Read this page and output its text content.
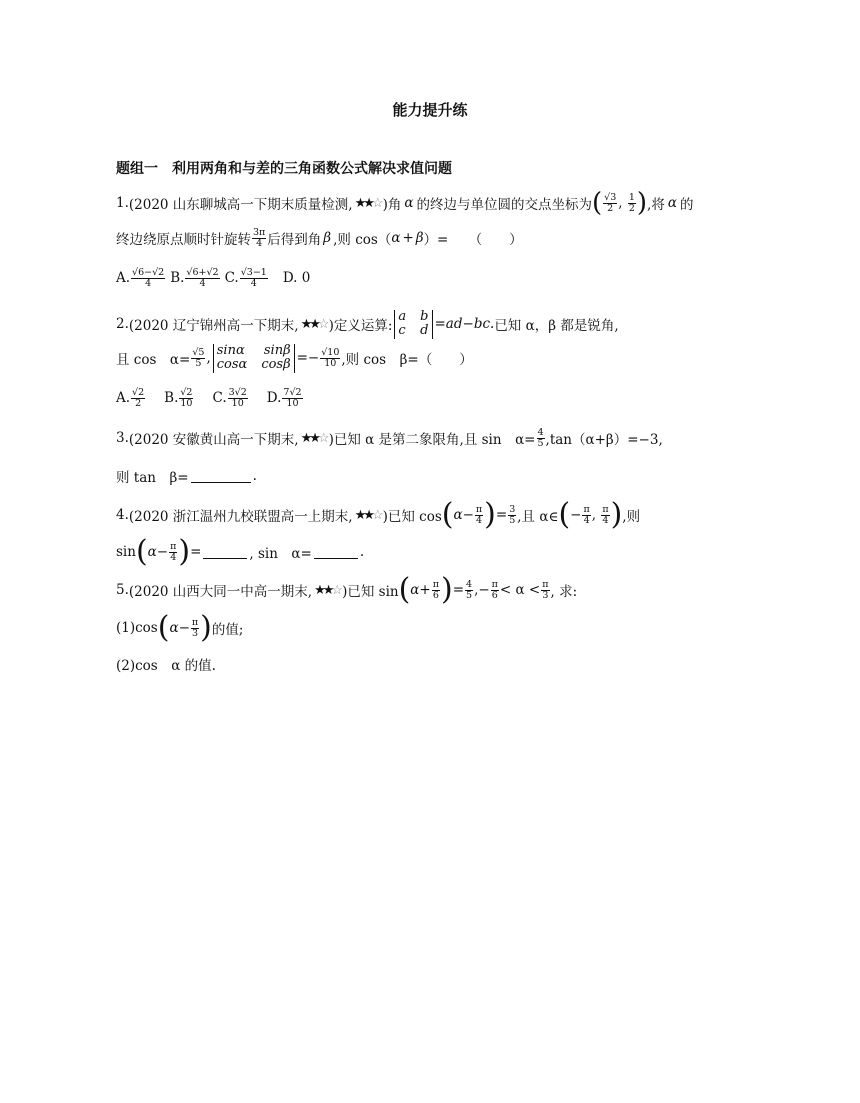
能力提升练
题组一　利用两角和与差的三角函数公式解决求值问题
1. (2020 山东聊城高一下期末质量检测, ★★☆ )角 α 的终边与单位圆的交点坐标为 ( $\frac{√3}{2}$ , $\frac{1}{2}$ ) ,将 α 的
终边绕原点顺时针旋转 $\frac{3\pi}{4}$ 后得到角 β ,则 cos（ α + β ）=　　（　　）
A. $\frac{√6-√2}{4} B$. $\frac{√6+√2}{4} C$. $\frac{√3-1}{4} D$. 0
2. (2020 辽宁锦州高一下期末, ★★☆ )定义运算:
a b
c d =ad−bc. 已知 α，β 都是锐角,
且 cos　$\alpha= \frac{√5}{5}$ , sinα sinβ
cosα $\cos\beta =- \frac{√10}{10}$ ,则 cos　β=（　　）
A. $\frac{√2}{2} B$. $\frac{√2}{10} C$. $\frac{3√2}{10} D$. $\frac{7√2}{10}$
3. (2020 安徽黄山高一下期末, ★★☆ )已知 α 是第二象限角,且 sin　$\alpha= \frac{4}{5} ,\tan(\alpha+\beta)=-3$,
则 tan　β=	.
4. (2020 浙江温州九校联盟高一上期末, ★★☆ )已知 cos ( $\alpha- \frac{\pi}{4}$ ) = $\frac{3}{5}$ ,且 α∈ ( − $\frac{\pi}{4}$ , $\frac{\pi}{4}$ ) ,则
sin ( $\alpha- \frac{\pi}{4}$ ) =	, sin　α=	.
5. (2020 山西大同一中高一期末, ★★☆ )已知 sin ( $\alpha+ \frac{\pi}{6}$ ) = $\frac{4}{5}$ ,− $\frac{\pi}{6} < \alpha < \frac{\pi}{3}$ , 求:
(1)cos ( $\alpha- \frac{\pi}{3}$ ) 的值;
(2)cos　α 的值.
